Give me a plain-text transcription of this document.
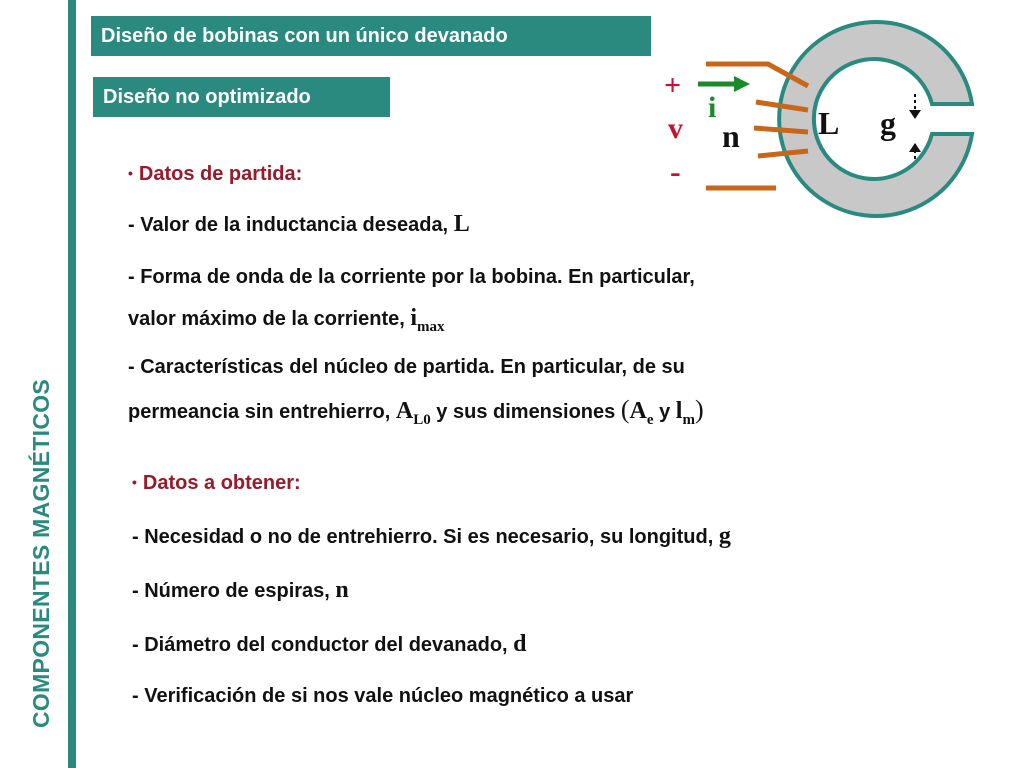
COMPONENTES MAGNÉTICOS
Diseño de bobinas con un único devanado
Diseño no optimizado	+
v
-
i
n L g
• Datos de partida:
- Valor de la inductancia deseada, L
- Forma de onda de la corriente por la bobina. En particular,
valor máximo de la corriente, $i_{max}$
- Características del núcleo de partida. En particular, de su
permeancia sin entrehierro, $A_{L0}$ y sus dimensiones ($A_e$ y $l_m$)
• Datos a obtener:
- Necesidad o no de entrehierro. Si es necesario, su longitud, g
- Número de espiras, n
- Diámetro del conductor del devanado, d
- Verificación de si nos vale núcleo magnético a usar
